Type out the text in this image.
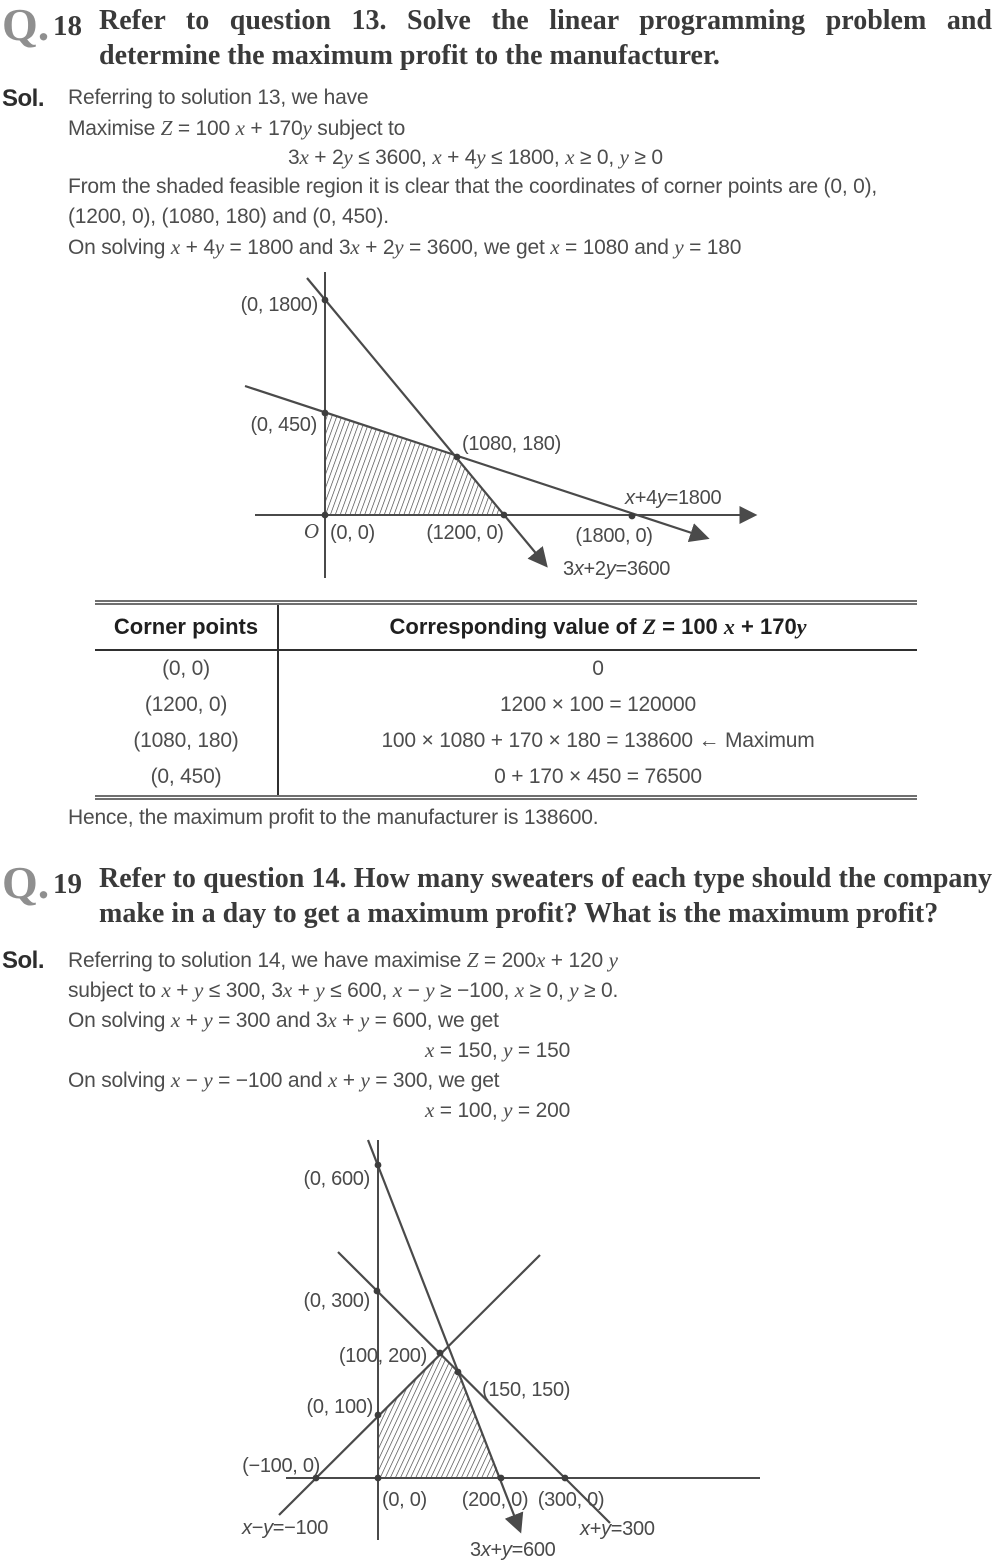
Q. 18 Refer to question 13. Solve the linear programming problem and
determine the maximum profit to the manufacturer.
Sol. Referring to solution 13, we have
Maximise Z = 100 x + 170y subject to
3x + 2y ≤ 3600, x + 4y ≤ 1800, x ≥ 0, y ≥ 0
From the shaded feasible region it is clear that the coordinates of corner points are (0, 0),
(1200, 0), (1080, 180) and (0, 450).
On solving x + 4y = 1800 and 3x + 2y = 3600, we get x = 1080 and y = 180
(0, 1800)
(0, 450)
(1080, 180)
O (0, 0)	(1200, 0)	(1800, 0)
x+4y=1800
3x+2y=3600
Corner points	Corresponding value of Z = 100 x + 170y
(0, 0)	0
(1200, 0)	1200 × 100 = 120000
(1080, 180)	100 × 1080 + 170 × 180 = 138600 ← Maximum
(0, 450)	0 + 170 × 450 = 76500
Hence, the maximum profit to the manufacturer is 138600.
Q. 19 Refer to question 14. How many sweaters of each type should the company
make in a day to get a maximum profit? What is the maximum profit?
Sol. Referring to solution 14, we have maximise Z = 200x + 120 y
subject to x + y ≤ 300, 3x + y ≤ 600, x − y ≥ −100, x ≥ 0, y ≥ 0.
On solving x + y = 300 and 3x + y = 600, we get
x = 150, y = 150
On solving x − y = −100 and x + y = 300, we get
x = 100, y = 200
(0, 600)
(0, 300)
(100, 200)
(150, 150)
(0, 100)
(−100, 0)
(0, 0) (200, 0) (300, 0)
x−y=−100
3x+y=600
x+y=300
